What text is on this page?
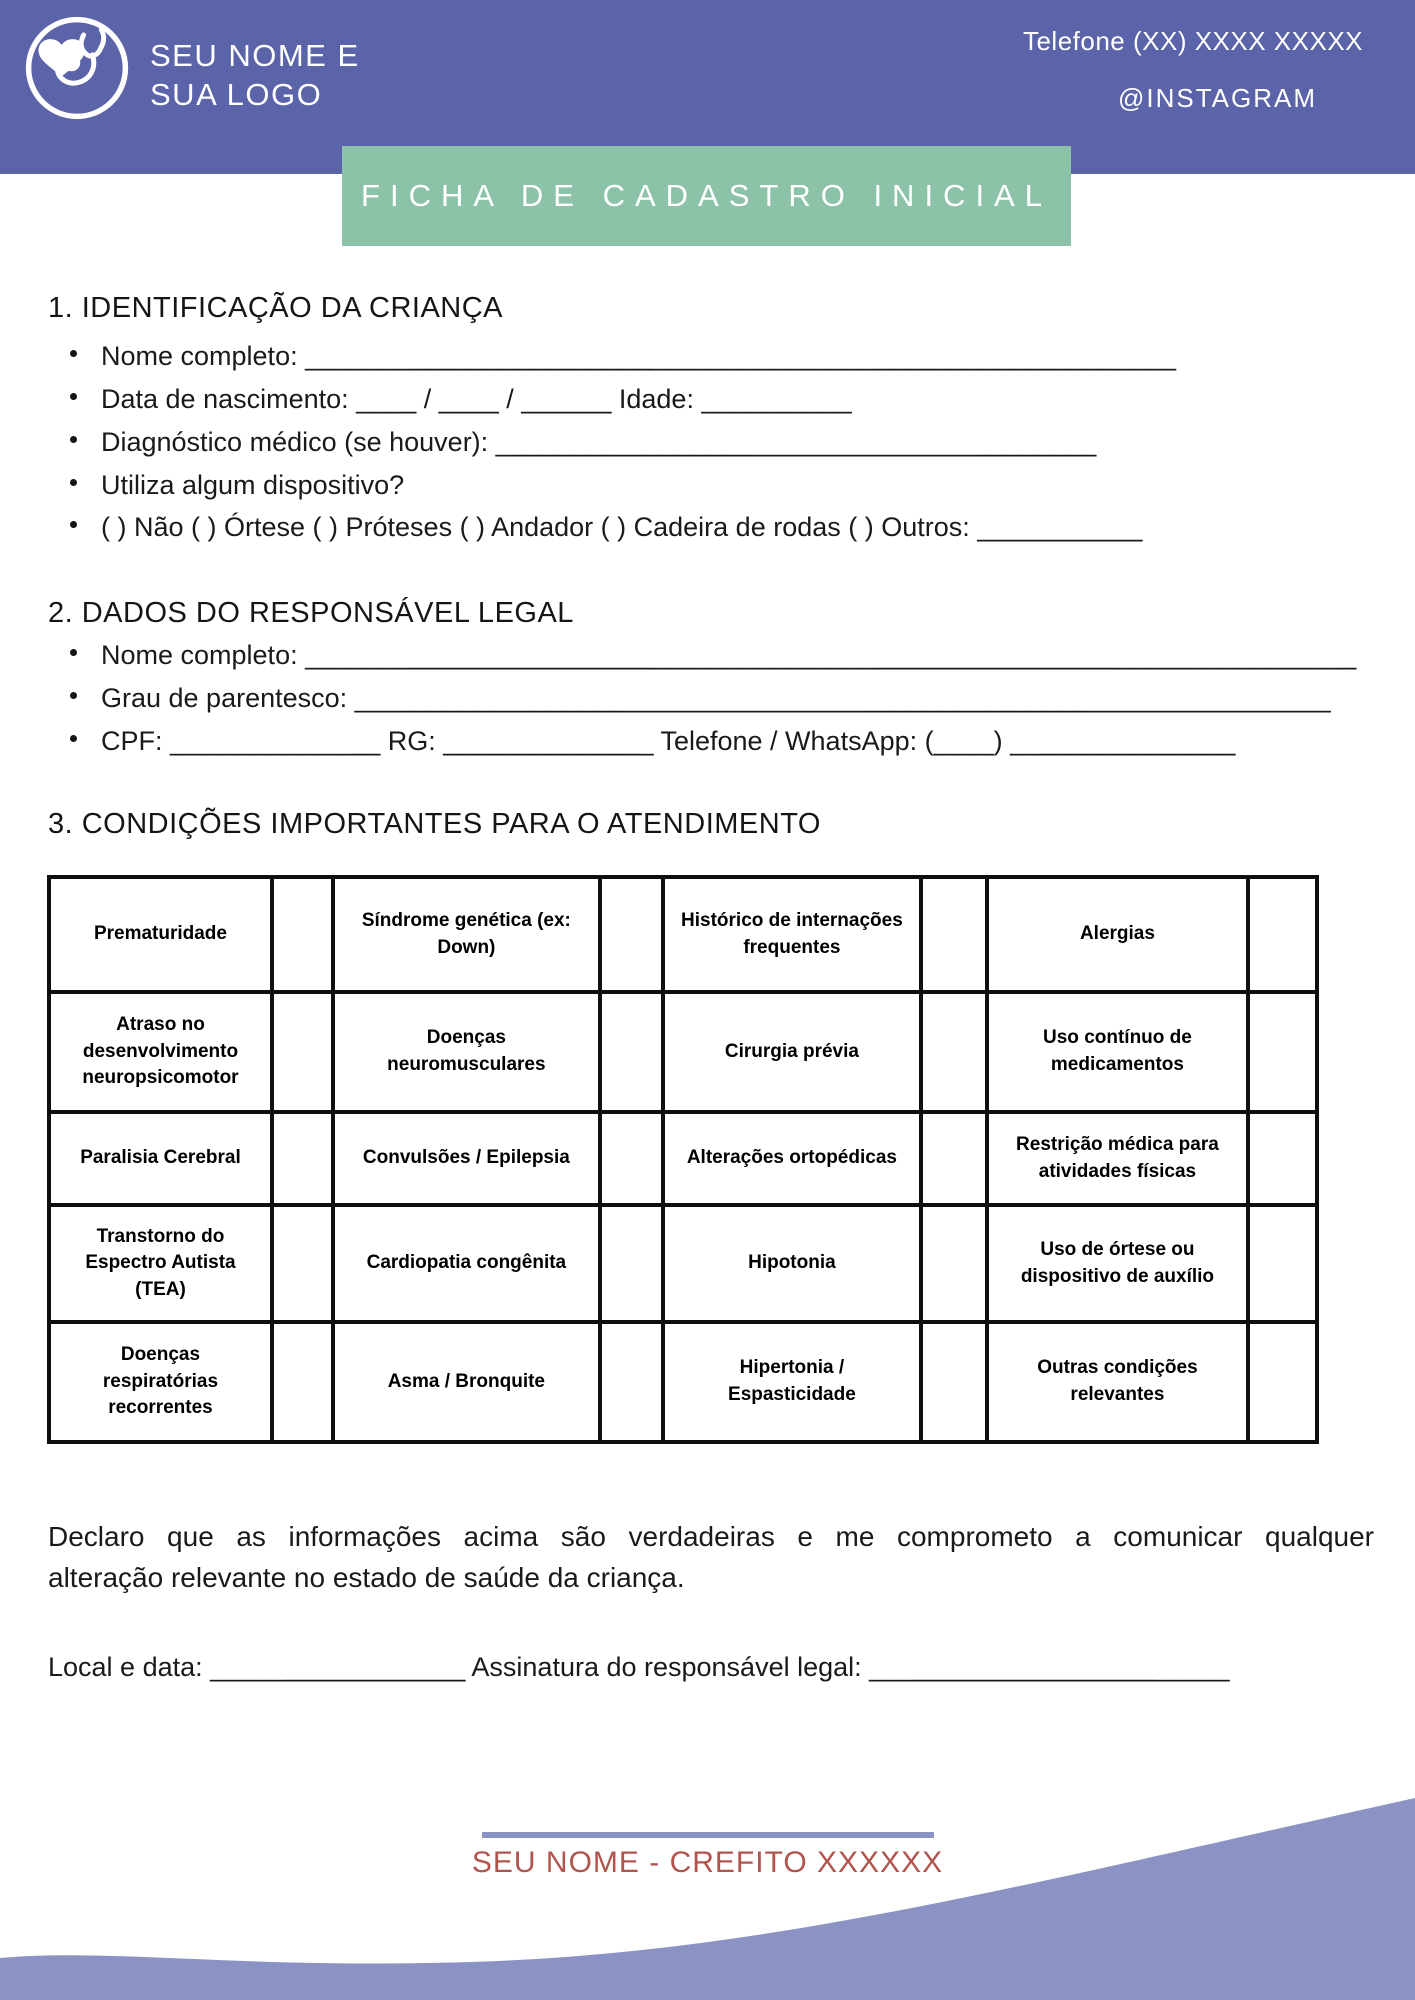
SEU NOME E
SUA LOGO
Telefone (XX) XXXX XXXXX
@INSTAGRAM
FICHA DE CADASTRO INICIAL
1. IDENTIFICAÇÃO DA CRIANÇA
Nome completo: __________________________________________________________
Data de nascimento: ____ / ____ / ______ Idade: __________
Diagnóstico médico (se houver): ________________________________________
Utiliza algum dispositivo?
( ) Não ( ) Órtese ( ) Próteses ( ) Andador ( ) Cadeira de rodas ( ) Outros: ___________
2. DADOS DO RESPONSÁVEL LEGAL
Nome completo: ______________________________________________________________________
Grau de parentesco: _________________________________________________________________
CPF: ______________ RG: ______________ Telefone / WhatsApp: (____) _______________
3. CONDIÇÕES IMPORTANTES PARA O ATENDIMENTO
Prematuridade		Síndrome genética (ex: Down)		Histórico de internações frequentes		Alergias	
Atraso no desenvolvimento neuropsicomotor		Doenças neuromusculares		Cirurgia prévia		Uso contínuo de medicamentos	
Paralisia Cerebral		Convulsões / Epilepsia		Alterações ortopédicas		Restrição médica para atividades físicas	
Transtorno do Espectro Autista (TEA)		Cardiopatia congênita		Hipotonia		Uso de órtese ou dispositivo de auxílio	
Doenças respiratórias recorrentes		Asma / Bronquite		Hipertonia / Espasticidade		Outras condições relevantes	
Declaro que as informações acima são verdadeiras e me comprometo a comunicar qualquer
alteração relevante no estado de saúde da criança.
Local e data: _________________ Assinatura do responsável legal: ________________________
SEU NOME - CREFITO XXXXXX
